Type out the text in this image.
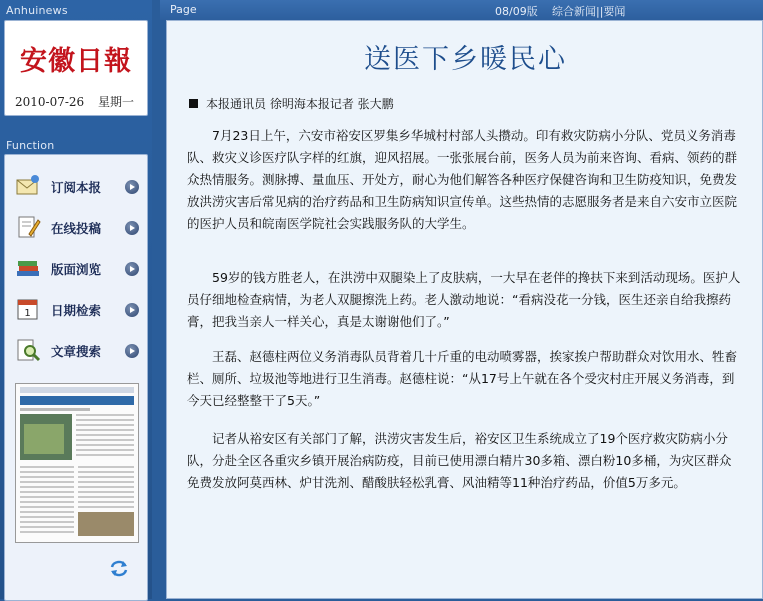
Anhuinews
安徽日報
2010-07-26 星期一
Function
订阅本报
在线投稿
版面浏览
1 日期检索
文章搜索
Page	08/09版 综合新闻||要闻
送医下乡暖民心
本报通讯员 徐明海本报记者 张大鹏

7月23日上午，六安市裕安区罗集乡华城村村部人头攒动。印有救灾防病小分队、党员义务消毒队、救灾义诊医疗队字样的红旗，迎风招展。一张张展台前，医务人员为前来咨询、看病、领药的群众热情服务。测脉搏、量血压、开处方，耐心为他们解答各种医疗保健咨询和卫生防疫知识，免费发放洪涝灾害后常见病的治疗药品和卫生防病知识宣传单。这些热情的志愿服务者是来自六安市立医院的医护人员和皖南医学院社会实践服务队的大学生。

59岁的钱方胜老人，在洪涝中双腿染上了皮肤病，一大早在老伴的搀扶下来到活动现场。医护人员仔细地检查病情，为老人双腿擦洗上药。老人激动地说：“看病没花一分钱，医生还亲自给我擦药膏，把我当亲人一样关心，真是太谢谢他们了。”

王磊、赵德柱两位义务消毒队员背着几十斤重的电动喷雾器，挨家挨户帮助群众对饮用水、牲畜栏、厕所、垃圾池等地进行卫生消毒。赵德柱说：“从17号上午就在各个受灾村庄开展义务消毒，到今天已经整整干了5天。”

记者从裕安区有关部门了解，洪涝灾害发生后，裕安区卫生系统成立了19个医疗救灾防病小分队，分赴全区各重灾乡镇开展治病防疫，目前已使用漂白精片30多箱、漂白粉10多桶，为灾区群众免费发放阿莫西林、炉甘洗剂、醋酸肤轻松乳膏、风油精等11种治疗药品，价值5万多元。
